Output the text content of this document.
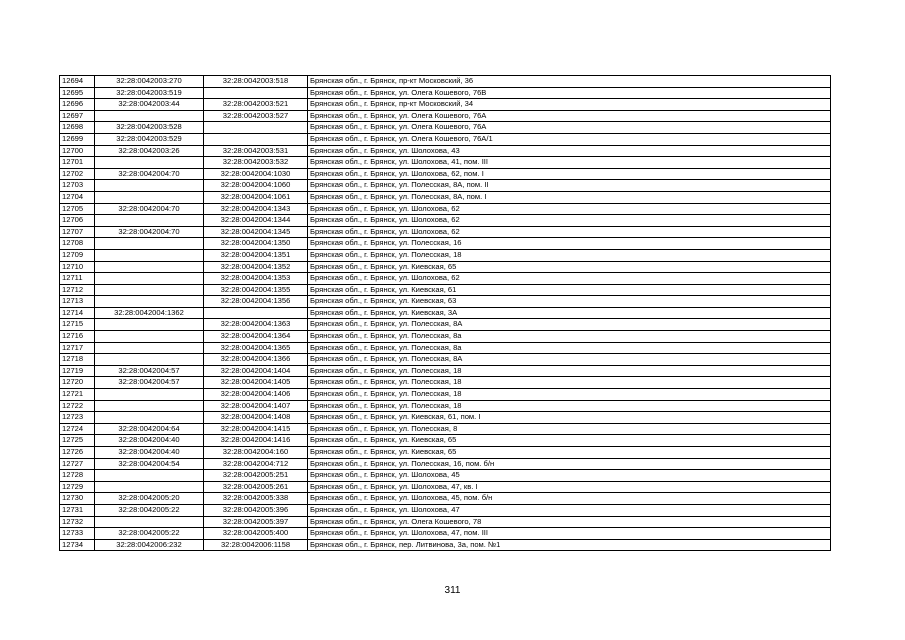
12694	32:28:0042003:270	32:28:0042003:518	Брянская обл., г. Брянск, пр-кт Московский, 36
12695	32:28:0042003:519		Брянская обл., г. Брянск, ул. Олега Кошевого, 76В
12696	32:28:0042003:44	32:28:0042003:521	Брянская обл., г. Брянск, пр-кт Московский, 34
12697		32:28:0042003:527	Брянская обл., г. Брянск, ул. Олега Кошевого, 76А
12698	32:28:0042003:528		Брянская обл., г. Брянск, ул. Олега Кошевого, 76А
12699	32:28:0042003:529		Брянская обл., г. Брянск, ул. Олега Кошевого, 76А/1
12700	32:28:0042003:26	32:28:0042003:531	Брянская обл., г. Брянск, ул. Шолохова, 43
12701		32:28:0042003:532	Брянская обл., г. Брянск, ул. Шолохова, 41, пом. III
12702	32:28:0042004:70	32:28:0042004:1030	Брянская обл., г. Брянск, ул. Шолохова, 62, пом. I
12703		32:28:0042004:1060	Брянская обл., г. Брянск, ул. Полесская, 8А, пом. II
12704		32:28:0042004:1061	Брянская обл., г. Брянск, ул. Полесская, 8А, пом. I
12705	32:28:0042004:70	32:28:0042004:1343	Брянская обл., г. Брянск, ул. Шолохова, 62
12706		32:28:0042004:1344	Брянская обл., г. Брянск, ул. Шолохова, 62
12707	32:28:0042004:70	32:28:0042004:1345	Брянская обл., г. Брянск, ул. Шолохова, 62
12708		32:28:0042004:1350	Брянская обл., г. Брянск, ул. Полесская, 16
12709		32:28:0042004:1351	Брянская обл., г. Брянск, ул. Полесская, 18
12710		32:28:0042004:1352	Брянская обл., г. Брянск, ул. Киевская, 65
12711		32:28:0042004:1353	Брянская обл., г. Брянск, ул. Шолохова, 62
12712		32:28:0042004:1355	Брянская обл., г. Брянск, ул. Киевская, 61
12713		32:28:0042004:1356	Брянская обл., г. Брянск, ул. Киевская, 63
12714	32:28:0042004:1362		Брянская обл., г. Брянск, ул. Киевская, 3А
12715		32:28:0042004:1363	Брянская обл., г. Брянск, ул. Полесская, 8А
12716		32:28:0042004:1364	Брянская обл., г. Брянск, ул. Полесская, 8а
12717		32:28:0042004:1365	Брянская обл., г. Брянск, ул. Полесская, 8а
12718		32:28:0042004:1366	Брянская обл., г. Брянск, ул. Полесская, 8А
12719	32:28:0042004:57	32:28:0042004:1404	Брянская обл., г. Брянск, ул. Полесская, 18
12720	32:28:0042004:57	32:28:0042004:1405	Брянская обл., г. Брянск, ул. Полесская, 18
12721		32:28:0042004:1406	Брянская обл., г. Брянск, ул. Полесская, 18
12722		32:28:0042004:1407	Брянская обл., г. Брянск, ул. Полесская, 18
12723		32:28:0042004:1408	Брянская обл., г. Брянск, ул. Киевская, 61, пом. I
12724	32:28:0042004:64	32:28:0042004:1415	Брянская обл., г. Брянск, ул. Полесская, 8
12725	32:28:0042004:40	32:28:0042004:1416	Брянская обл., г. Брянск, ул. Киевская, 65
12726	32:28:0042004:40	32:28:0042004:160	Брянская обл., г. Брянск, ул. Киевская, 65
12727	32:28:0042004:54	32:28:0042004:712	Брянская обл., г. Брянск, ул. Полесская, 16, пом. б/н
12728		32:28:0042005:251	Брянская обл., г. Брянск, ул. Шолохова, 45
12729		32:28:0042005:261	Брянская обл., г. Брянск, ул. Шолохова, 47, кв. I
12730	32:28:0042005:20	32:28:0042005:338	Брянская обл., г. Брянск, ул. Шолохова, 45, пом. б/н
12731	32:28:0042005:22	32:28:0042005:396	Брянская обл., г. Брянск, ул. Шолохова, 47
12732		32:28:0042005:397	Брянская обл., г. Брянск, ул. Олега Кошевого, 78
12733	32:28:0042005:22	32:28:0042005:400	Брянская обл., г. Брянск, ул. Шолохова, 47, пом. III
12734	32:28:0042006:232	32:28:0042006:1158	Брянская обл., г. Брянск, пер. Литвинова, 3а, пом. №1
311
